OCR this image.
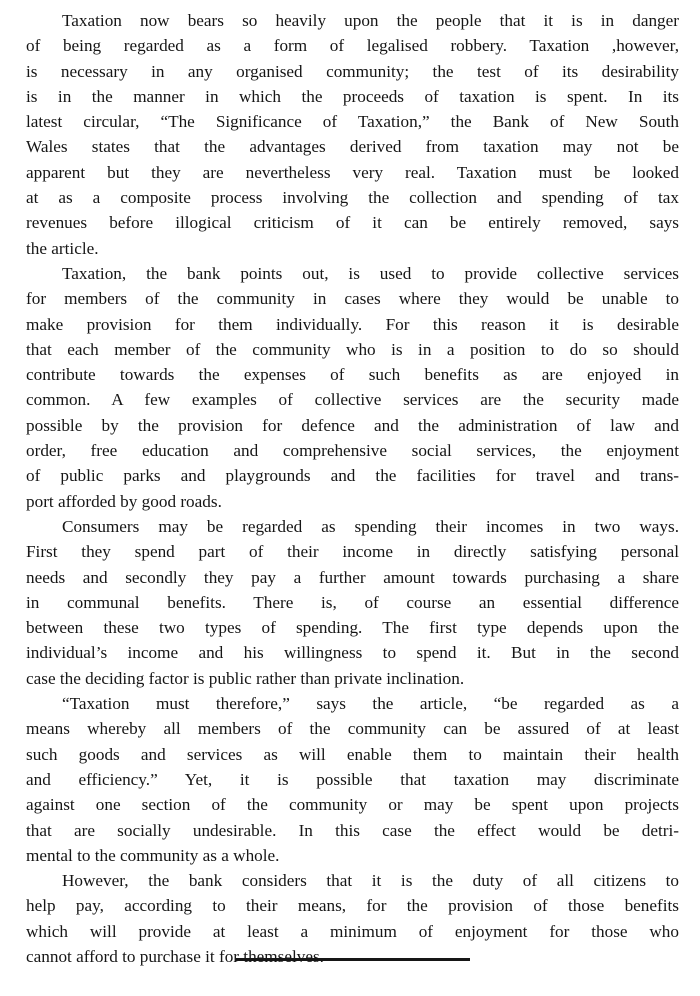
Taxation now bears so heavily upon the people that it is in danger
of being regarded as a form of legalised robbery. Taxation ,however,
is necessary in any organised community; the test of its desirability
is in the manner in which the proceeds of taxation is spent. In its
latest circular, “The Significance of Taxation,” the Bank of New South
Wales states that the advantages derived from taxation may not be
apparent but they are nevertheless very real. Taxation must be looked
at as a composite process involving the collection and spending of tax
revenues before illogical criticism of it can be entirely removed, says
the article.
Taxation, the bank points out, is used to provide collective services
for members of the community in cases where they would be unable to
make provision for them individually. For this reason it is desirable
that each member of the community who is in a position to do so should
contribute towards the expenses of such benefits as are enjoyed in
common. A few examples of collective services are the security made
possible by the provision for defence and the administration of law and
order, free education and comprehensive social services, the enjoyment
of public parks and playgrounds and the facilities for travel and trans-
port afforded by good roads.
Consumers may be regarded as spending their incomes in two ways.
First they spend part of their income in directly satisfying personal
needs and secondly they pay a further amount towards purchasing a share
in communal benefits. There is, of course an essential difference
between these two types of spending. The first type depends upon the
individual’s income and his willingness to spend it. But in the second
case the deciding factor is public rather than private inclination.
“Taxation must therefore,” says the article, “be regarded as a
means whereby all members of the community can be assured of at least
such goods and services as will enable them to maintain their health
and efficiency.” Yet, it is possible that taxation may discriminate
against one section of the community or may be spent upon projects
that are socially undesirable. In this case the effect would be detri-
mental to the community as a whole.
However, the bank considers that it is the duty of all citizens to
help pay, according to their means, for the provision of those benefits
which will provide at least a minimum of enjoyment for those who
cannot afford to purchase it for themselves.
